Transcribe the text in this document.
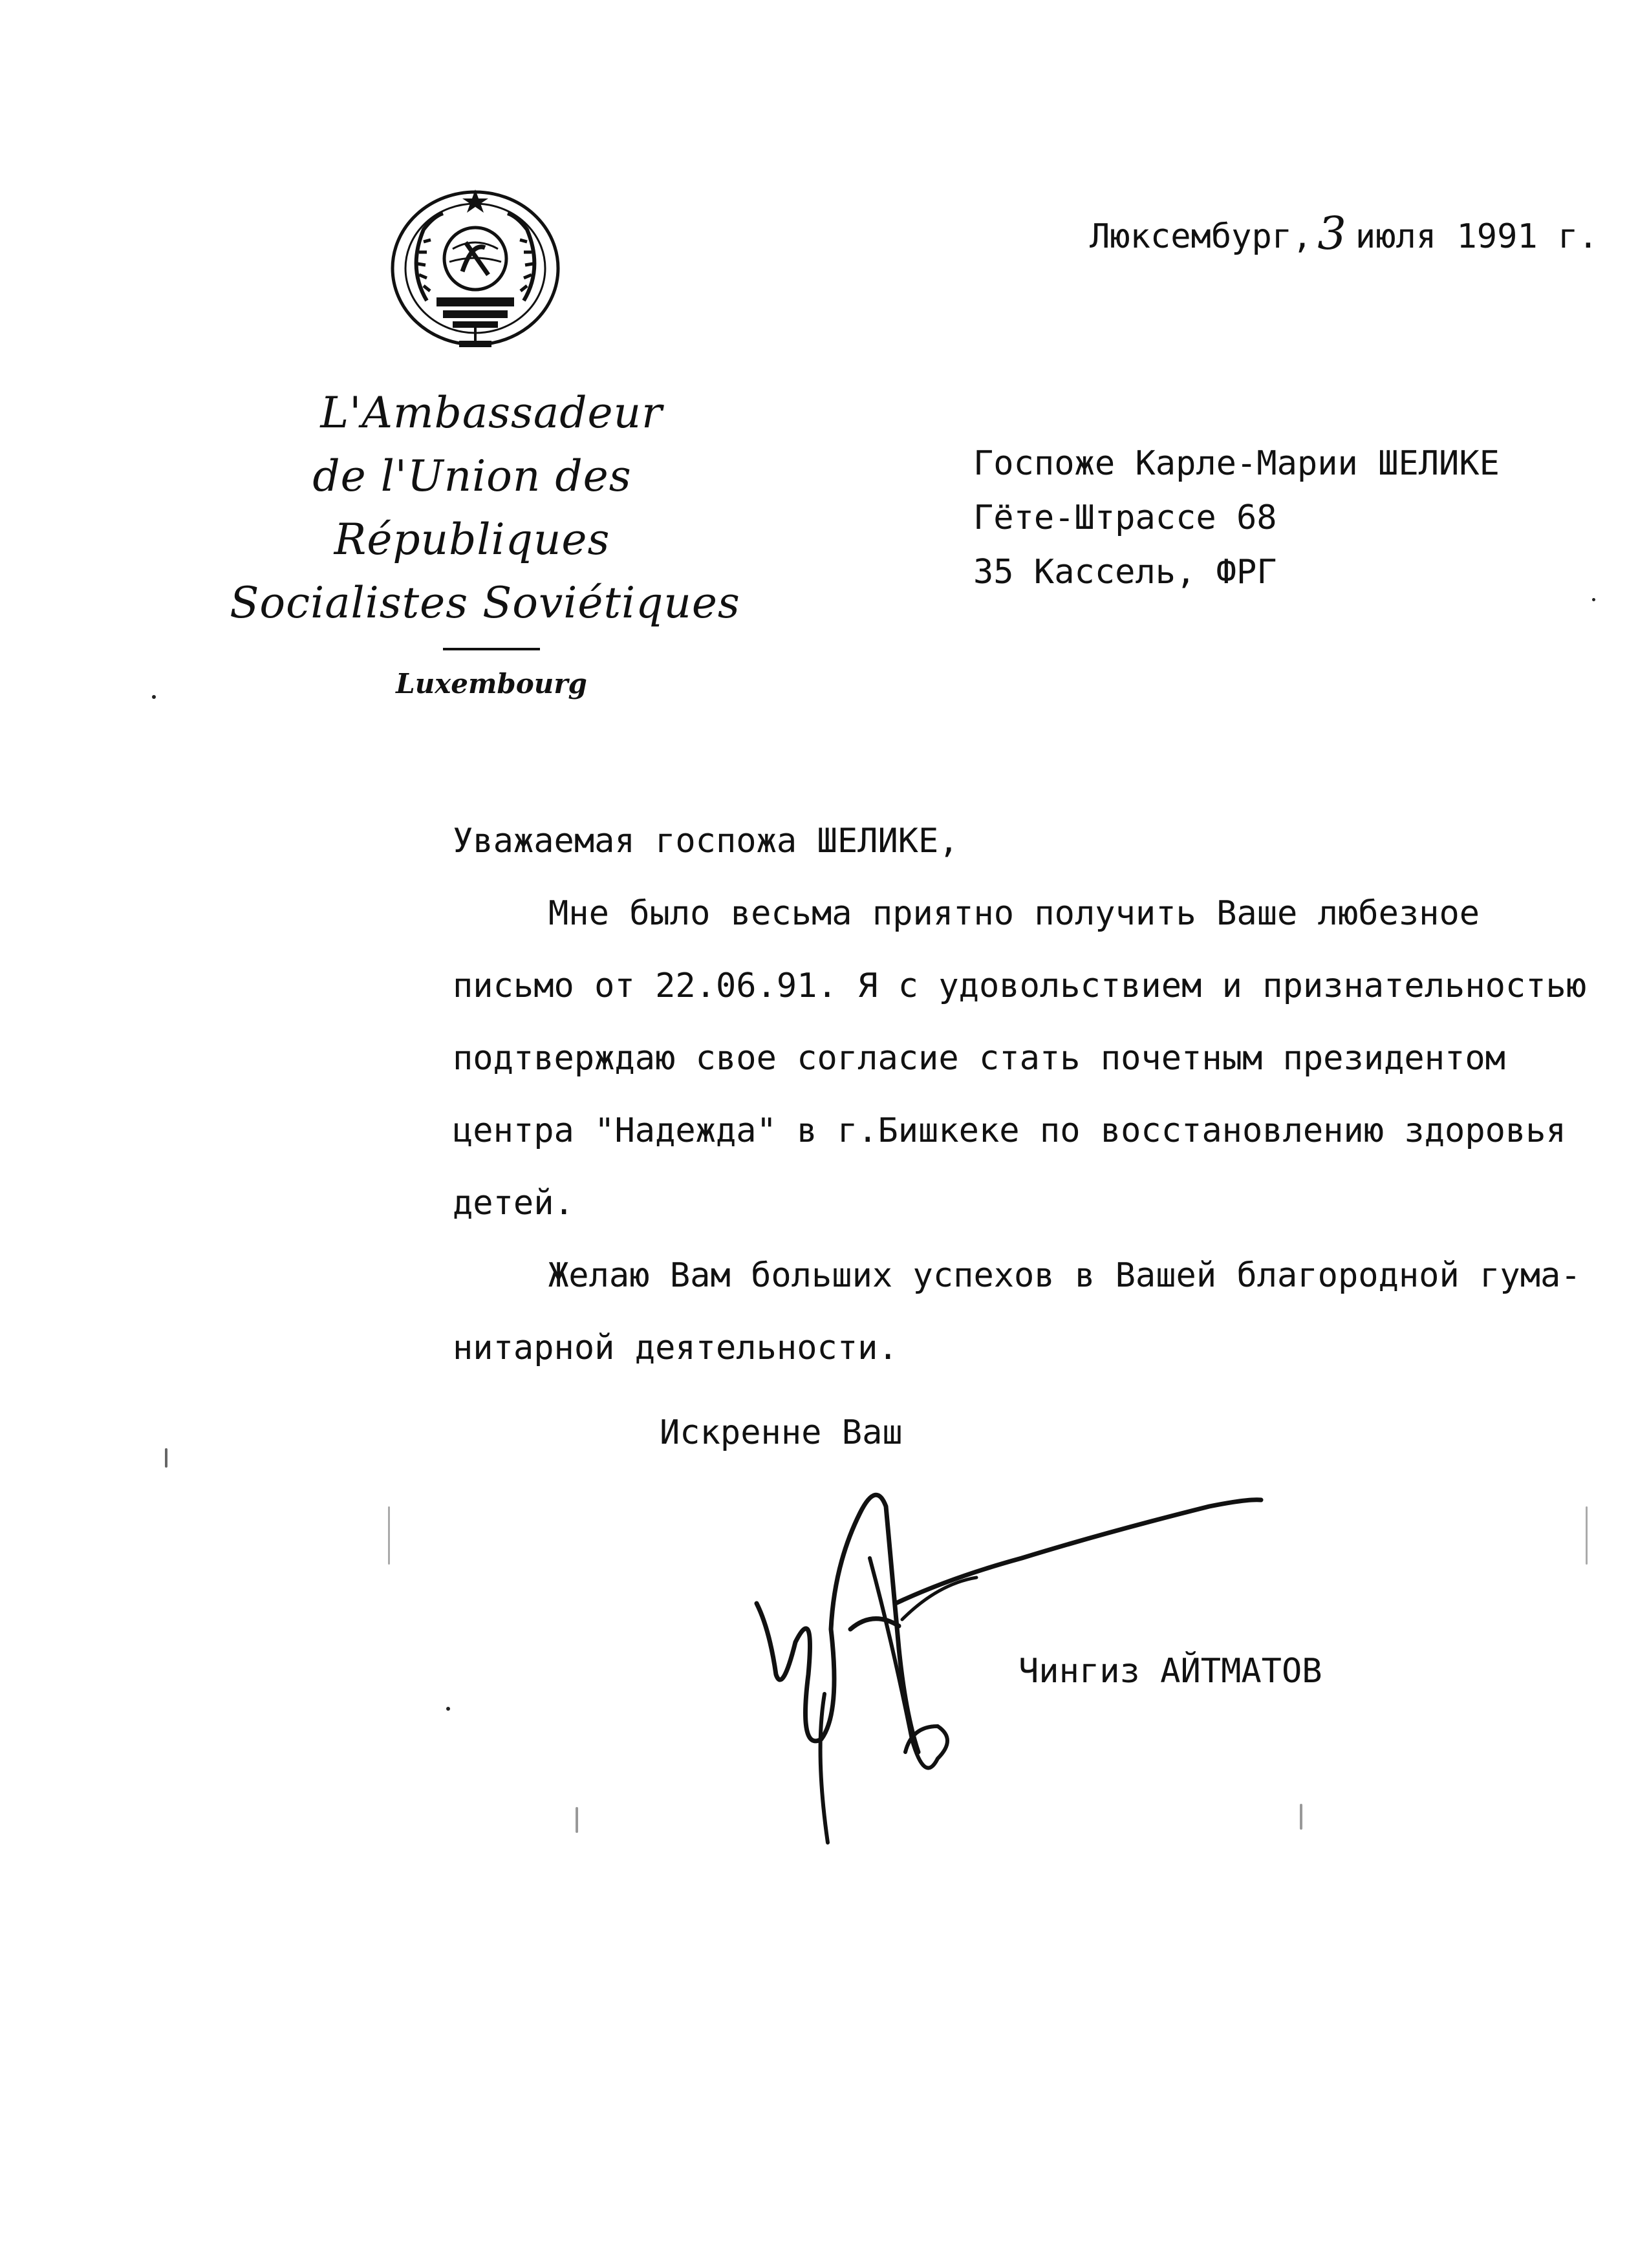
L'Ambassadeur
de l'Union des Républiques
Socialistes Soviétiques
Luxembourg
Люксембург, 3 июля 1991 г.
Госпоже Карле-Марии ШЕЛИКЕ
Гёте-Штрассе 68
35 Кассель, ФРГ
Уважаемая госпожа ШЕЛИКЕ,
Мне было весьма приятно получить Ваше любезное
письмо от 22.06.91. Я с удовольствием и признательностью
подтверждаю свое согласие стать почетным президентом
центра "Надежда" в г.Бишкеке по восстановлению здоровья
детей.
Желаю Вам больших успехов в Вашей благородной гума-
нитарной деятельности.
Искренне Ваш
Чингиз АЙТМАТОВ
